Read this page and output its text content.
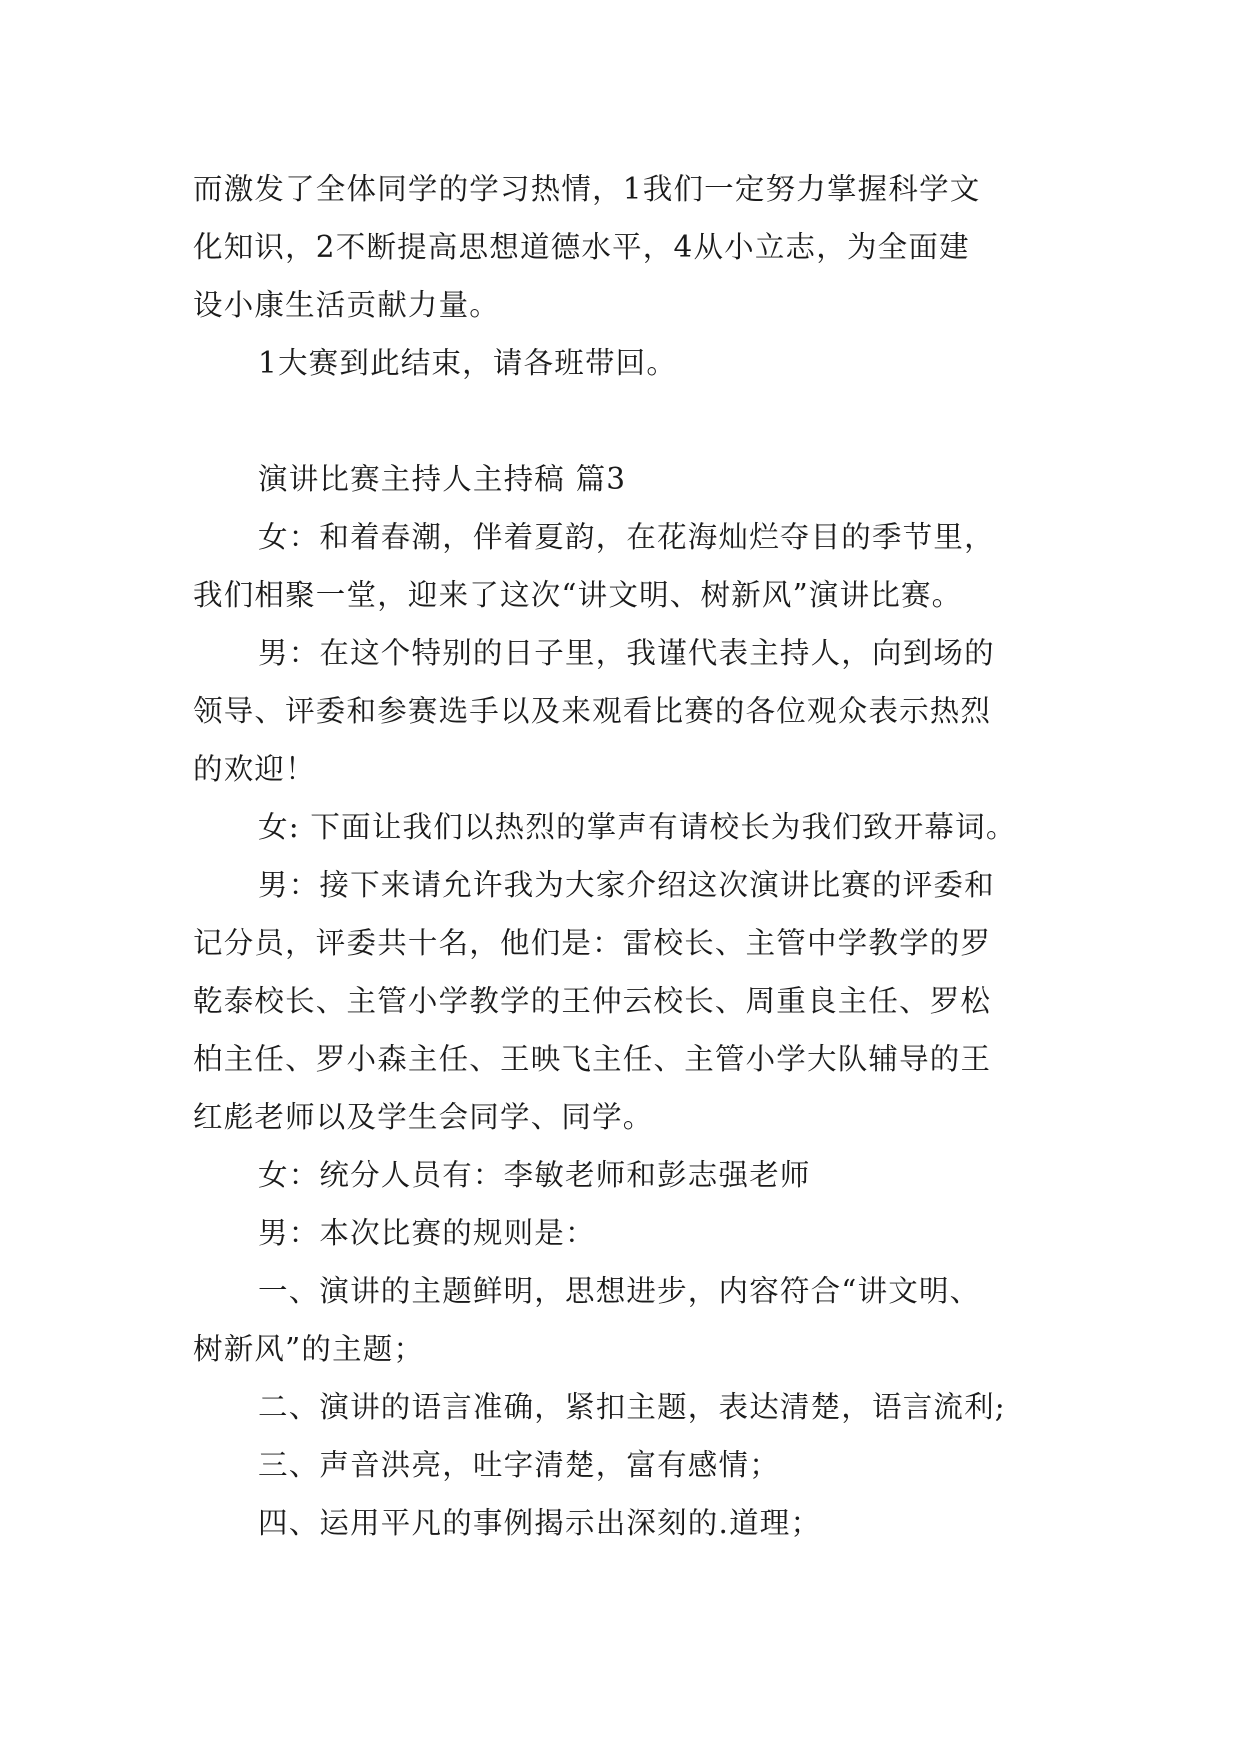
而激发了全体同学的学习热情，1我们一定努力掌握科学文
化知识，2不断提高思想道德水平，4从小立志，为全面建
设小康生活贡献力量。

1大赛到此结束，请各班带回。

演讲比赛主持人主持稿 篇3

女：和着春潮，伴着夏韵，在花海灿烂夺目的季节里，
我们相聚一堂，迎来了这次“讲文明、树新风”演讲比赛。

男：在这个特别的日子里，我谨代表主持人，向到场的
领导、评委和参赛选手以及来观看比赛的各位观众表示热烈
的欢迎！

女: 下面让我们以热烈的掌声有请校长为我们致开幕词。

男：接下来请允许我为大家介绍这次演讲比赛的评委和
记分员，评委共十名，他们是：雷校长、主管中学教学的罗
乾泰校长、主管小学教学的王仲云校长、周重良主任、罗松
柏主任、罗小森主任、王映飞主任、主管小学大队辅导的王
红彪老师以及学生会同学、同学。

女：统分人员有：李敏老师和彭志强老师

男：本次比赛的规则是：

一、演讲的主题鲜明，思想进步，内容符合“讲文明、
树新风”的主题；

二、演讲的语言准确，紧扣主题，表达清楚，语言流利;

三、声音洪亮，吐字清楚，富有感情；

四、运用平凡的事例揭示出深刻的.道理；
